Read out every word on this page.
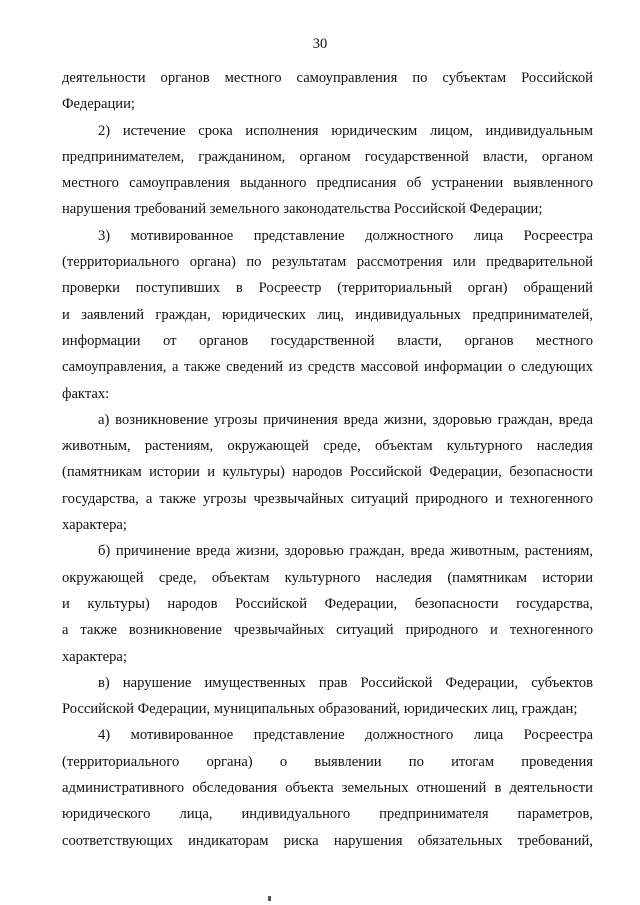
30
деятельности органов местного самоуправления по субъектам Российской
Федерации;
2) истечение срока исполнения юридическим лицом, индивидуальным
предпринимателем, гражданином, органом государственной власти, органом
местного самоуправления выданного предписания об устранении выявленного
нарушения требований земельного законодательства Российской Федерации;
3) мотивированное представление должностного лица Росреестра
(территориального органа) по результатам рассмотрения или предварительной
проверки поступивших в Росреестр (территориальный орган) обращений
и заявлений граждан, юридических лиц, индивидуальных предпринимателей,
информации от органов государственной власти, органов местного
самоуправления, а также сведений из средств массовой информации о следующих
фактах:
а) возникновение угрозы причинения вреда жизни, здоровью граждан, вреда
животным, растениям, окружающей среде, объектам культурного наследия
(памятникам истории и культуры) народов Российской Федерации, безопасности
государства, а также угрозы чрезвычайных ситуаций природного и техногенного
характера;
б) причинение вреда жизни, здоровью граждан, вреда животным, растениям,
окружающей среде, объектам культурного наследия (памятникам истории
и культуры) народов Российской Федерации, безопасности государства,
а также возникновение чрезвычайных ситуаций природного и техногенного
характера;
в) нарушение имущественных прав Российской Федерации, субъектов
Российской Федерации, муниципальных образований, юридических лиц, граждан;
4) мотивированное представление должностного лица Росреестра
(территориального органа) о выявлении по итогам проведения
административного обследования объекта земельных отношений в деятельности
юридического лица, индивидуального предпринимателя параметров,
соответствующих индикаторам риска нарушения обязательных требований,
